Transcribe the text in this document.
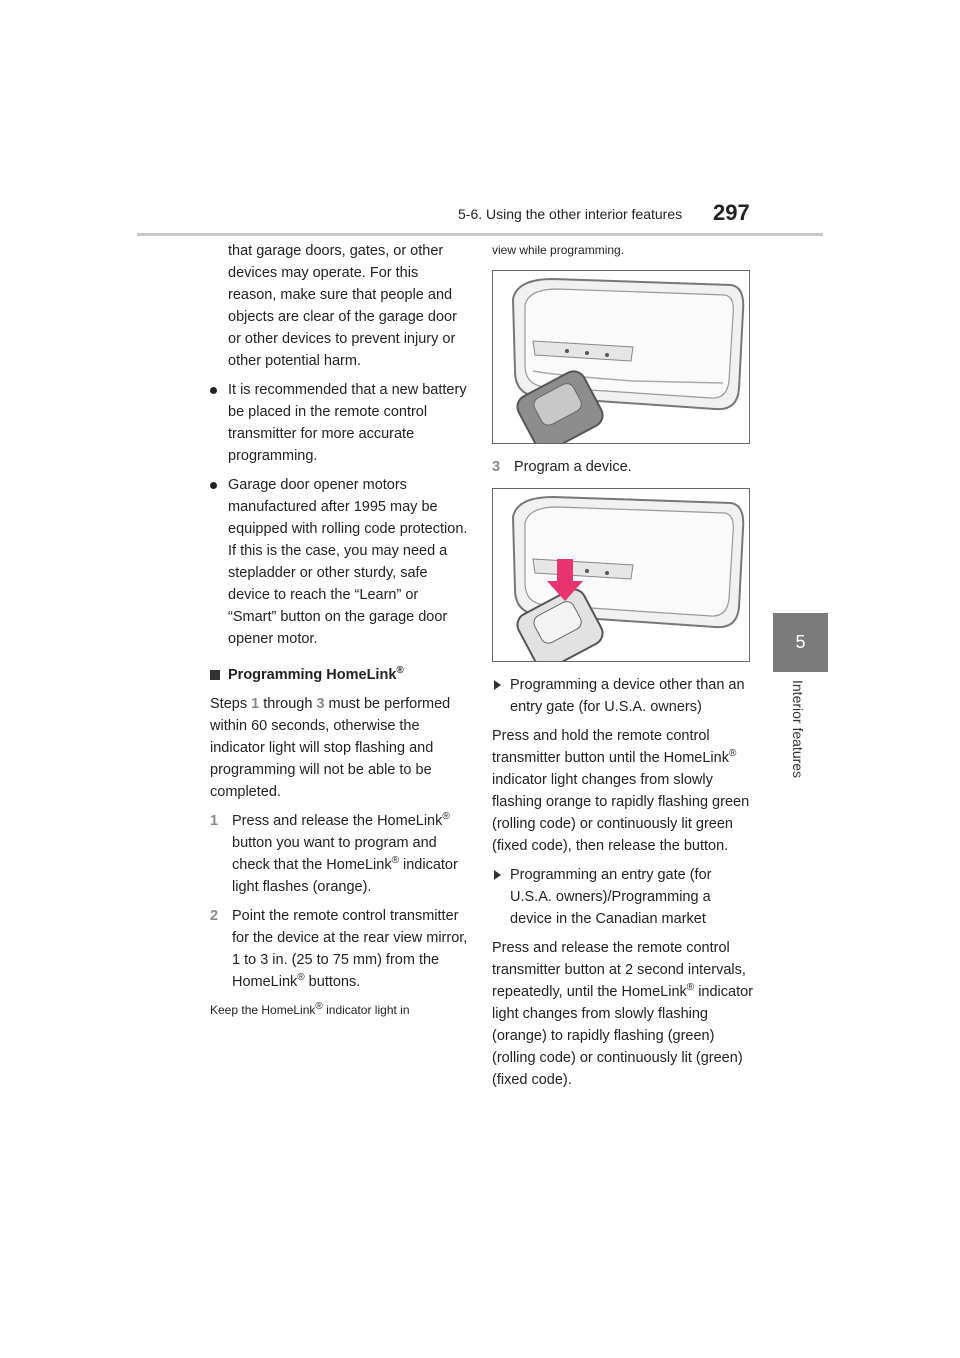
5-6. Using the other interior features 297
5
Interior features

that garage doors, gates, or other devices may operate. For this reason, make sure that people and objects are clear of the garage door or other devices to prevent injury or other potential harm.

It is recommended that a new battery be placed in the remote control transmitter for more accurate programming.
Garage door opener motors manufactured after 1995 may be equipped with rolling code protection. If this is the case, you may need a stepladder or other sturdy, safe device to reach the “Learn” or “Smart” button on the garage door opener motor.
Programming HomeLink®

Steps 1 through 3 must be performed within 60 seconds, otherwise the indicator light will stop flashing and programming will not be able to be completed.

1 Press and release the HomeLink® button you want to program and check that the HomeLink® indicator light flashes (orange).
2 Point the remote control transmitter for the device at the rear view mirror, 1 to 3 in. (25 to 75 mm) from the HomeLink® buttons.

Keep the HomeLink® indicator light in

view while programming.

3 Program a device.
Programming a device other than an entry gate (for U.S.A. owners)

Press and hold the remote control transmitter button until the HomeLink® indicator light changes from slowly flashing orange to rapidly flashing green (rolling code) or continuously lit green (fixed code), then release the button.

Programming an entry gate (for U.S.A. owners)/Programming a device in the Canadian market

Press and release the remote control transmitter button at 2 second intervals, repeatedly, until the HomeLink® indicator light changes from slowly flashing (orange) to rapidly flashing (green) (rolling code) or continuously lit (green) (fixed code).
